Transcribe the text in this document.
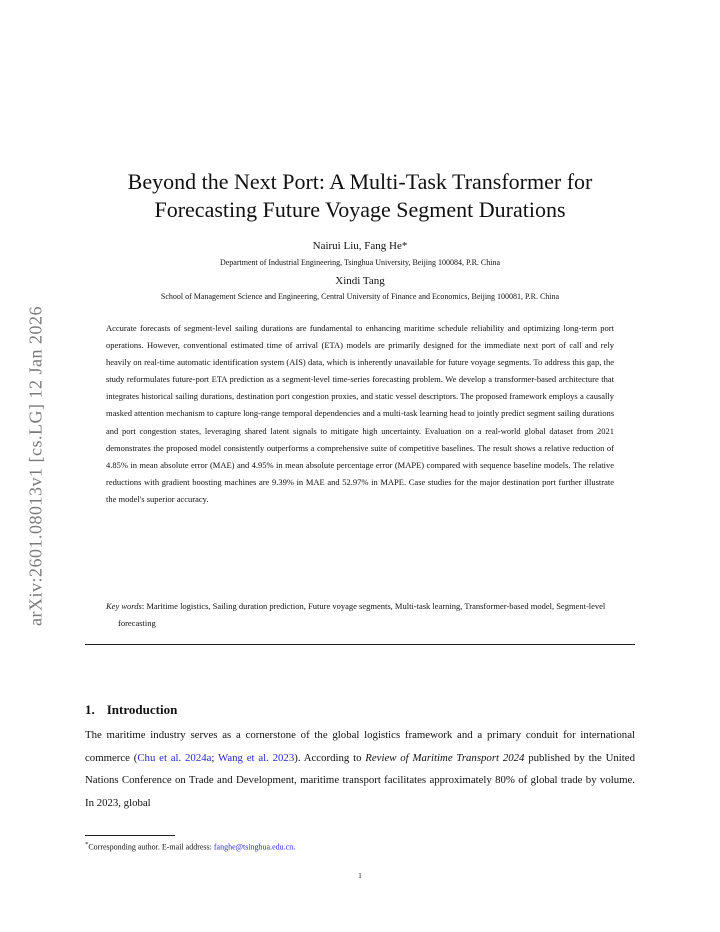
arXiv:2601.08013v1 [cs.LG] 12 Jan 2026
Beyond the Next Port: A Multi-Task Transformer for
Forecasting Future Voyage Segment Durations
Nairui Liu, Fang He*
Department of Industrial Engineering, Tsinghua University, Beijing 100084, P.R. China
Xindi Tang
School of Management Science and Engineering, Central University of Finance and Economics, Beijing 100081, P.R. China

Accurate forecasts of segment-level sailing durations are fundamental to enhancing maritime schedule reliability and optimizing long-term port operations. However, conventional estimated time of arrival (ETA) models are primarily designed for the immediate next port of call and rely heavily on real-time automatic identification system (AIS) data, which is inherently unavailable for future voyage segments. To address this gap, the study reformulates future-port ETA prediction as a segment-level time-series forecasting problem. We develop a transformer-based architecture that integrates historical sailing durations, destination port congestion proxies, and static vessel descriptors. The proposed framework employs a causally masked attention mechanism to capture long-range temporal dependencies and a multi-task learning head to jointly predict segment sailing durations and port congestion states, leveraging shared latent signals to mitigate high uncertainty. Evaluation on a real-world global dataset from 2021 demonstrates the proposed model consistently outperforms a comprehensive suite of competitive baselines. The result shows a relative reduction of 4.85% in mean absolute error (MAE) and 4.95% in mean absolute percentage error (MAPE) compared with sequence baseline models. The relative reductions with gradient boosting machines are 9.39% in MAE and 52.97% in MAPE. Case studies for the major destination port further illustrate the model's superior accuracy.

Key words: Maritime logistics, Sailing duration prediction, Future voyage segments, Multi-task learning, Transformer-based model, Segment-level forecasting
1. Introduction

The maritime industry serves as a cornerstone of the global logistics framework and a primary conduit for international commerce (Chu et al. 2024a; Wang et al. 2023). According to Review of Maritime Transport 2024 published by the United Nations Conference on Trade and Development, maritime transport facilitates approximately 80% of global trade by volume. In 2023, global

*Corresponding author. E-mail address: fanghe@tsinghua.edu.cn.
1
